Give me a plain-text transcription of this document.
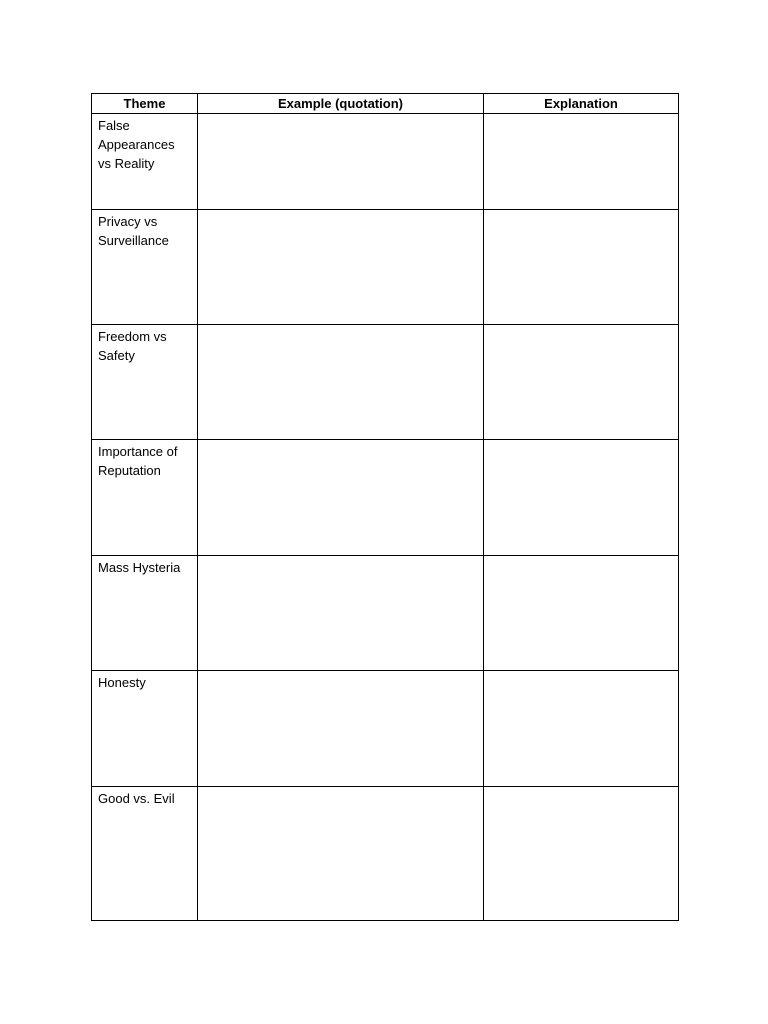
Theme	Example (quotation)	Explanation
False Appearances vs Reality		
Privacy vs Surveillance		
Freedom vs Safety		
Importance of Reputation		
Mass Hysteria		
Honesty		
Good vs. Evil		
